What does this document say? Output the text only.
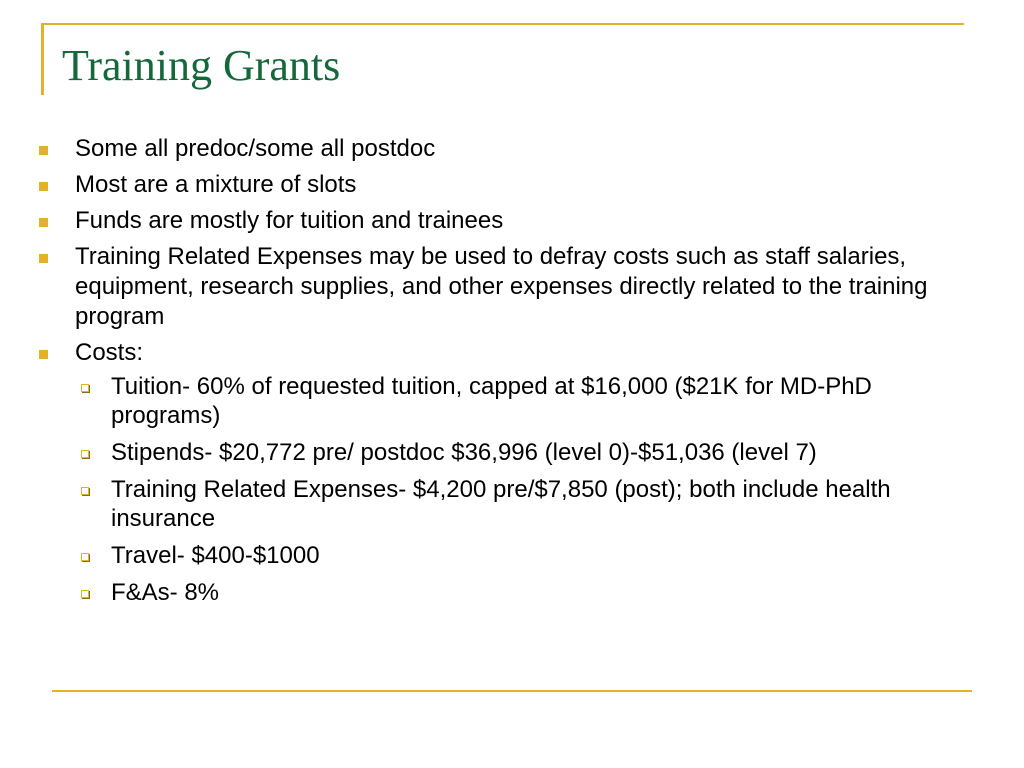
Training Grants
Some all predoc/some all postdoc
Most are a mixture of slots
Funds are mostly for tuition and trainees
Training Related Expenses may be used to defray costs such as staff salaries, equipment, research supplies, and other expenses directly related to the training program
Costs:
Tuition- 60% of requested tuition, capped at $16,000 ($21K for MD-PhD programs)
Stipends- $20,772 pre/ postdoc $36,996 (level 0)-$51,036 (level 7)
Training Related Expenses- $4,200 pre/$7,850 (post); both include health insurance
Travel- $400-$1000
F&As- 8%
